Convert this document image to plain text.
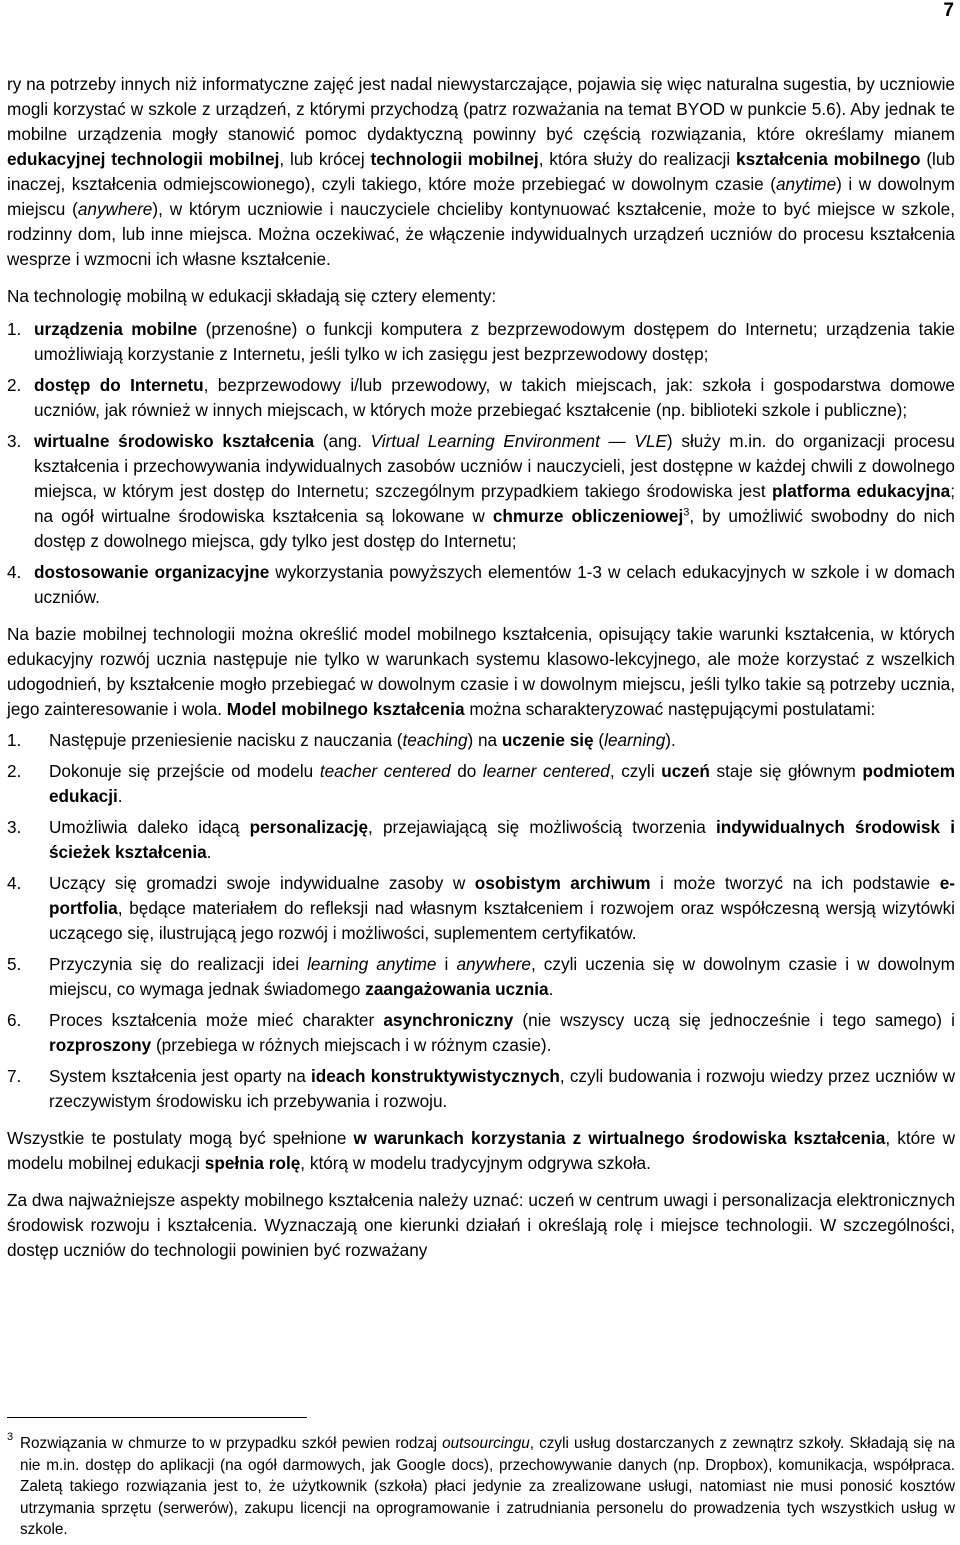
7

ry na potrzeby innych niż informatyczne zajęć jest nadal niewystarczające, pojawia się więc naturalna sugestia, by uczniowie mogli korzystać w szkole z urządzeń, z którymi przychodzą (patrz rozważania na temat BYOD w punkcie 5.6). Aby jednak te mobilne urządzenia mogły stanowić pomoc dydaktyczną powinny być częścią rozwiązania, które określamy mianem edukacyjnej technologii mobilnej, lub krócej technologii mobilnej, która służy do realizacji kształcenia mobilnego (lub inaczej, kształcenia odmiejscowionego), czyli takiego, które może przebiegać w dowolnym czasie (anytime) i w dowolnym miejscu (anywhere), w którym uczniowie i nauczyciele chcieliby kontynuować kształcenie, może to być miejsce w szkole, rodzinny dom, lub inne miejsca. Można oczekiwać, że włączenie indywidualnych urządzeń uczniów do procesu kształcenia wesprze i wzmocni ich własne kształcenie.

Na technologię mobilną w edukacji składają się cztery elementy:

1. urządzenia mobilne (przenośne) o funkcji komputera z bezprzewodowym dostępem do Internetu; urządzenia takie umożliwiają korzystanie z Internetu, jeśli tylko w ich zasięgu jest bezprzewodowy dostęp;
2. dostęp do Internetu, bezprzewodowy i/lub przewodowy, w takich miejscach, jak: szkoła i gospodarstwa domowe uczniów, jak również w innych miejscach, w których może przebiegać kształcenie (np. biblioteki szkole i publiczne);
3. wirtualne środowisko kształcenia (ang. Virtual Learning Environment — VLE) służy m.in. do organizacji procesu kształcenia i przechowywania indywidualnych zasobów uczniów i nauczycieli, jest dostępne w każdej chwili z dowolnego miejsca, w którym jest dostęp do Internetu; szczególnym przypadkiem takiego środowiska jest platforma edukacyjna; na ogół wirtualne środowiska kształcenia są lokowane w chmurze obliczeniowej$^3$, by umożliwić swobodny do nich dostęp z dowolnego miejsca, gdy tylko jest dostęp do Internetu;
4. dostosowanie organizacyjne wykorzystania powyższych elementów 1-3 w celach edukacyjnych w szkole i w domach uczniów.

Na bazie mobilnej technologii można określić model mobilnego kształcenia, opisujący takie warunki kształcenia, w których edukacyjny rozwój ucznia następuje nie tylko w warunkach systemu klasowo-lekcyjnego, ale może korzystać z wszelkich udogodnień, by kształcenie mogło przebiegać w dowolnym czasie i w dowolnym miejscu, jeśli tylko takie są potrzeby ucznia, jego zainteresowanie i wola. Model mobilnego kształcenia można scharakteryzować następującymi postulatami:

1.	Następuje przeniesienie nacisku z nauczania (teaching) na uczenie się (learning).
2.	Dokonuje się przejście od modelu teacher centered do learner centered, czyli uczeń staje się głównym podmiotem edukacji.
3.	Umożliwia daleko idącą personalizację, przejawiającą się możliwością tworzenia indywidualnych środowisk i ścieżek kształcenia.
4.	Uczący się gromadzi swoje indywidualne zasoby w osobistym archiwum i może tworzyć na ich podstawie e-portfolia, będące materiałem do refleksji nad własnym kształceniem i rozwojem oraz współczesną wersją wizytówki uczącego się, ilustrującą jego rozwój i możliwości, suplementem certyfikatów.
5.	Przyczynia się do realizacji idei learning anytime i anywhere, czyli uczenia się w dowolnym czasie i w dowolnym miejscu, co wymaga jednak świadomego zaangażowania ucznia.
6.	Proces kształcenia może mieć charakter asynchroniczny (nie wszyscy uczą się jednocześnie i tego samego) i rozproszony (przebiega w różnych miejscach i w różnym czasie).
7.	System kształcenia jest oparty na ideach konstruktywistycznych, czyli budowania i rozwoju wiedzy przez uczniów w rzeczywistym środowisku ich przebywania i rozwoju.

Wszystkie te postulaty mogą być spełnione w warunkach korzystania z wirtualnego środowiska kształcenia, które w modelu mobilnej edukacji spełnia rolę, którą w modelu tradycyjnym odgrywa szkoła.

Za dwa najważniejsze aspekty mobilnego kształcenia należy uznać: uczeń w centrum uwagi i personalizacja elektronicznych środowisk rozwoju i kształcenia. Wyznaczają one kierunki działań i określają rolę i miejsce technologii. W szczególności, dostęp uczniów do technologii powinien być rozważany

3 Rozwiązania w chmurze to w przypadku szkół pewien rodzaj outsourcingu, czyli usług dostarczanych z zewnątrz szkoły. Składają się na nie m.in. dostęp do aplikacji (na ogół darmowych, jak Google docs), przechowywanie danych (np. Dropbox), komunikacja, współpraca. Zaletą takiego rozwiązania jest to, że użytkownik (szkoła) płaci jedynie za zrealizowane usługi, natomiast nie musi ponosić kosztów utrzymania sprzętu (serwerów), zakupu licencji na oprogramowanie i zatrudniania personelu do prowadzenia tych wszystkich usług w szkole.
